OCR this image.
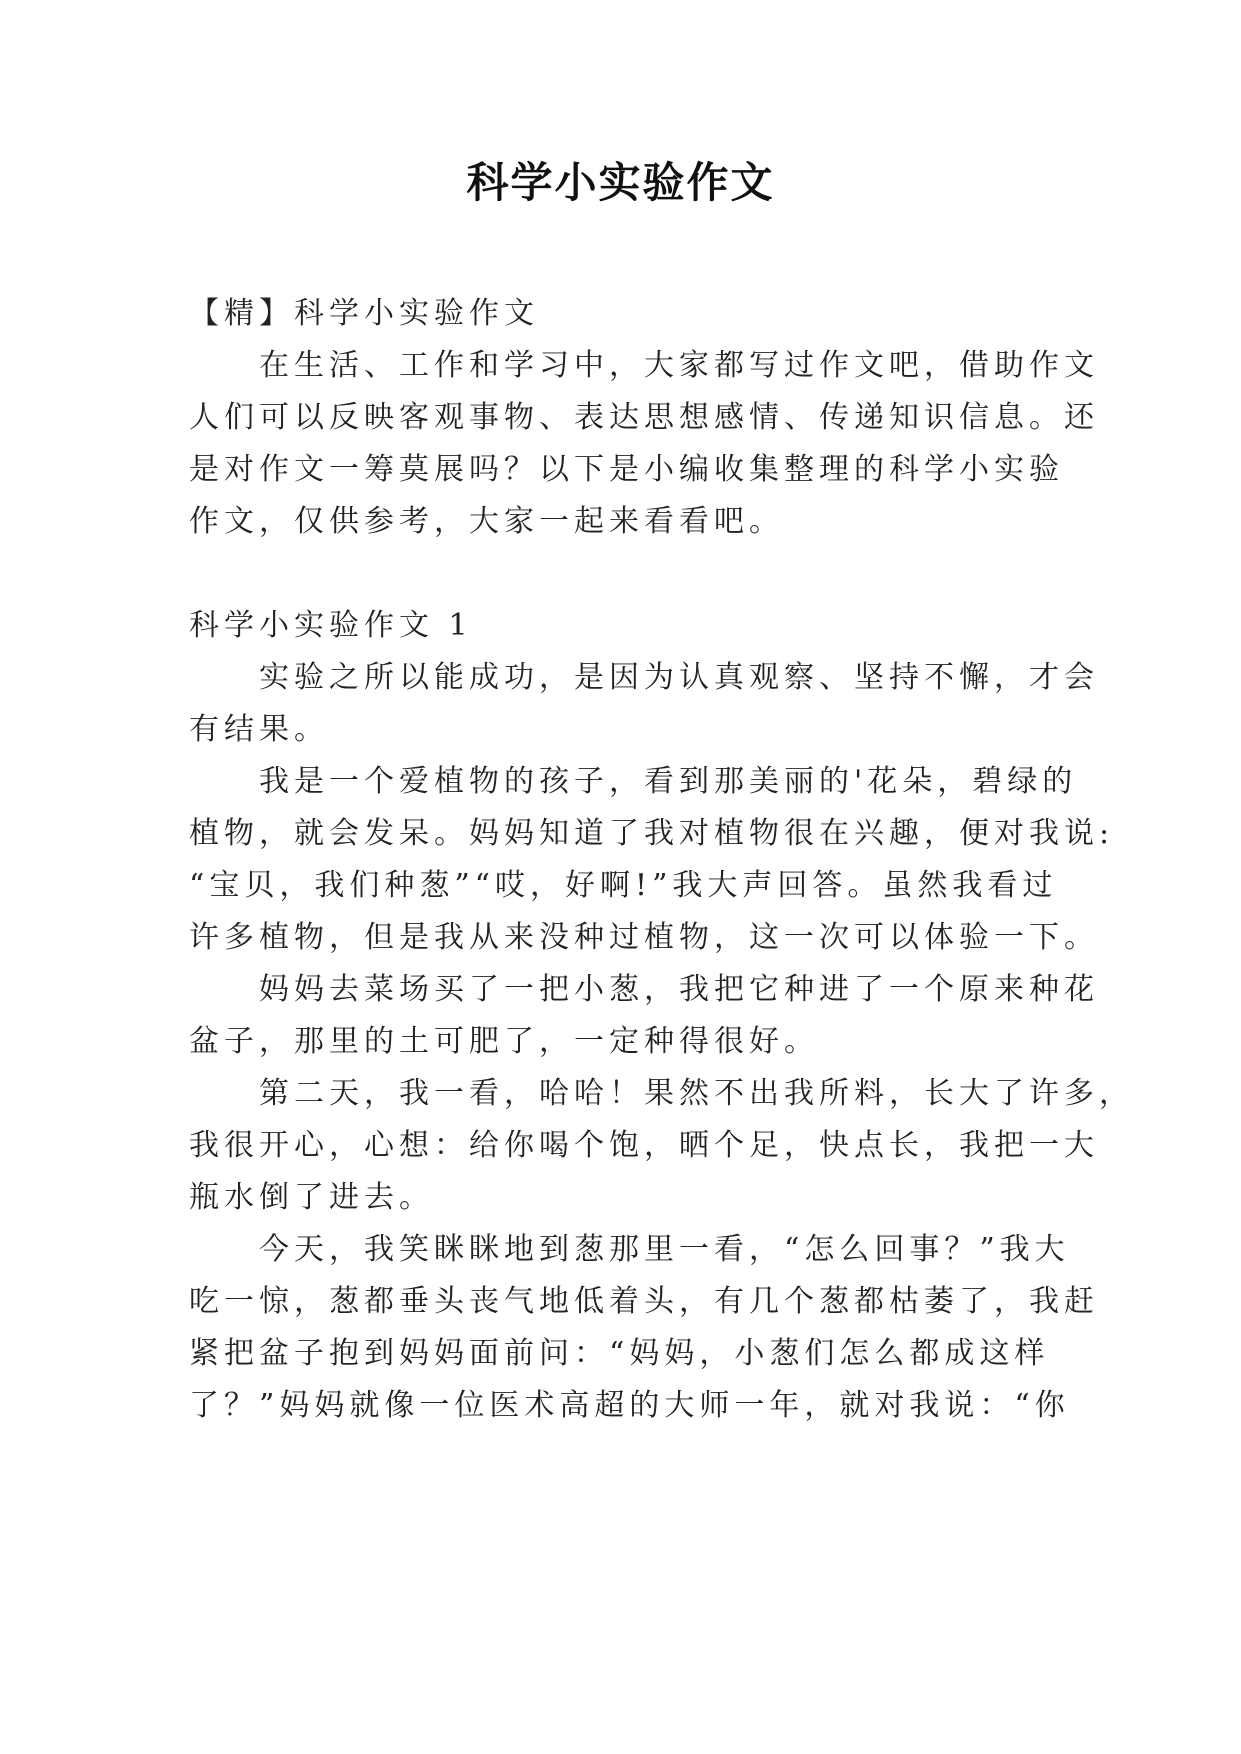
科学小实验作文
【精】科学小实验作文
　　在生活、工作和学习中，大家都写过作文吧，借助作文
人们可以反映客观事物、表达思想感情、传递知识信息。还
是对作文一筹莫展吗？以下是小编收集整理的科学小实验
作文，仅供参考，大家一起来看看吧。
科学小实验作文 1
　　实验之所以能成功，是因为认真观察、坚持不懈，才会
有结果。
　　我是一个爱植物的孩子，看到那美丽的'花朵，碧绿的
植物，就会发呆。妈妈知道了我对植物很在兴趣，便对我说:
“宝贝，我们种葱”“哎，好啊!”我大声回答。虽然我看过
许多植物，但是我从来没种过植物，这一次可以体验一下。
　　妈妈去菜场买了一把小葱，我把它种进了一个原来种花
盆子，那里的土可肥了，一定种得很好。
　　第二天，我一看，哈哈！果然不出我所料，长大了许多，
我很开心，心想：给你喝个饱，晒个足，快点长，我把一大
瓶水倒了进去。
　　今天，我笑眯眯地到葱那里一看，“怎么回事？”我大
吃一惊，葱都垂头丧气地低着头，有几个葱都枯萎了，我赶
紧把盆子抱到妈妈面前问：“妈妈，小葱们怎么都成这样
了？”妈妈就像一位医术高超的大师一年，就对我说：“你
